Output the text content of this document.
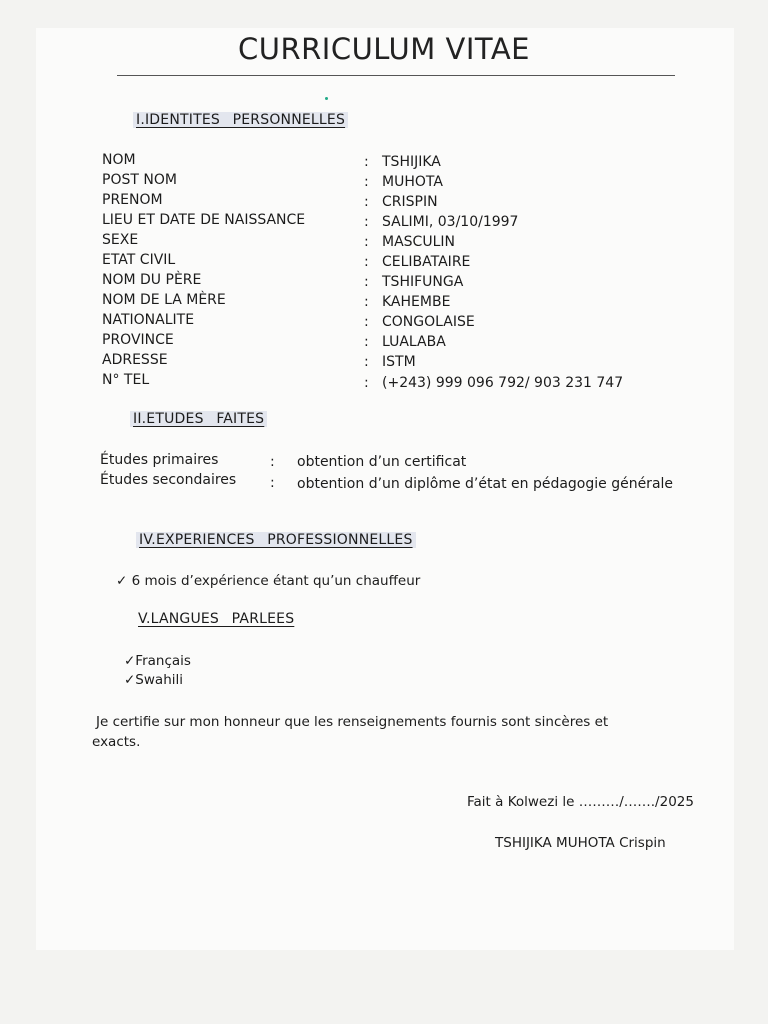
CURRICULUM VITAE
I.IDENTITES PERSONNELLES
NOM	: TSHIJIKA
POST NOM	: MUHOTA
PRENOM	: CRISPIN
LIEU ET DATE DE NAISSANCE	: SALIMI, 03/10/1997
SEXE	: MASCULIN
ETAT CIVIL	: CELIBATAIRE
NOM DU PÈRE	: TSHIFUNGA
NOM DE LA MÈRE	: KAHEMBE
NATIONALITE	: CONGOLAISE
PROVINCE	: LUALABA
ADRESSE	: ISTM
N° TEL	: (+243) 999 096 792/ 903 231 747
II.ETUDES FAITES
Études primaires	: obtention d’un certificat
Études secondaires : obtention d’un diplôme d’état en pédagogie générale
IV.EXPERIENCES PROFESSIONNELLES
✓ 6 mois d’expérience étant qu’un chauffeur
V.LANGUES PARLEES
✓Français
✓Swahili
Je certifie sur mon honneur que les renseignements fournis sont sincères et
exacts.
Fait à Kolwezi le ………/……./2025
TSHIJIKA MUHOTA Crispin
